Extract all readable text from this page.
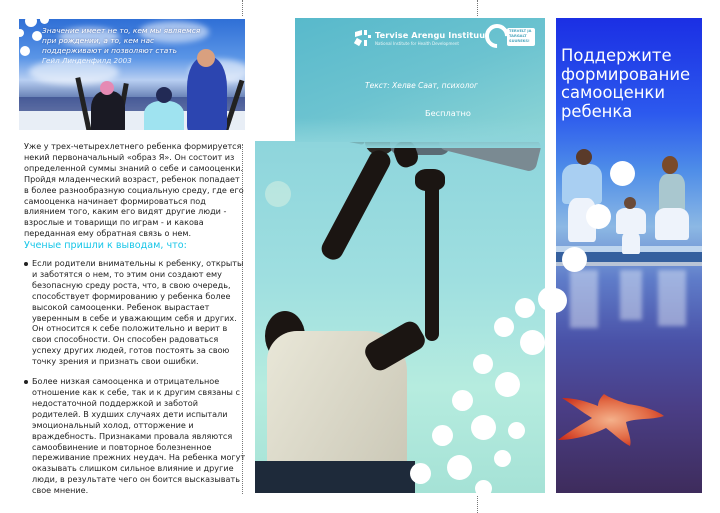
Значение имеет не то, кем мы являемся при рождении, а то, кем нас поддерживают и позволяют стать

Гейл Линденфилд 2003

Уже у трех-четырехлетнего ребенка формируется некий первоначальный «образ Я». Он состоит из определенной суммы знаний о себе и самооценки. Пройдя младенческий возраст, ребенок попадает в более разнообразную социальную среду, где его самооценка начинает формироваться под влиянием того, каким его видят другие люди - взрослые и товарищи по играм - и какова переданная ему обратная связь о нем.

Ученые пришли к выводам, что:
Если родители внимательны к ребенку, открыты и заботятся о нем, то этим они создают ему безопасную среду роста, что, в свою очередь, способствует формированию у ребенка более высокой самооценки. Ребенок вырастает уверенным в себе и уважающим себя и других. Он относится к себе положительно и верит в свои способности. Он способен радоваться успеху других людей, готов постоять за свою точку зрения и признать свои ошибки.
Более низкая самооценка и отрицательное отношение как к себе, так и к другим связаны с недостаточной поддержкой и заботой родителей. В худших случаях дети испытали эмоциональный холод, отторжение и враждебность. Признаками провала являются самообвинение и повторное болезненное переживание прежних неудач. На ребенка могут оказывать слишком сильное влияние и другие люди, в результате чего он боится высказывать свое мнение.
Tervise Arengu Instituut
National Institute for Health Development
TERVELT JA TARGALT SUUREKS!

Текст: Хелве Саат, психолог

Бесплатно

Поддержите формирование самооценки ребенка
